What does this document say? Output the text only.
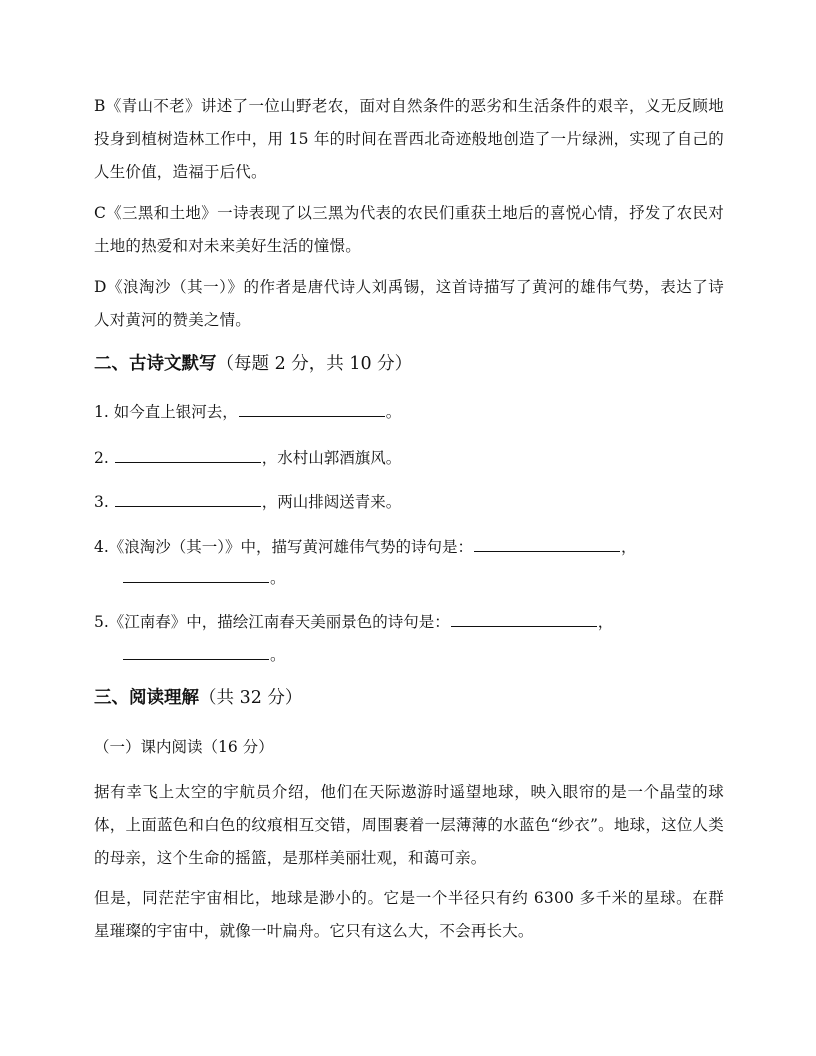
B《青山不老》讲述了一位山野老农，面对自然条件的恶劣和生活条件的艰辛，义无反顾地投身到植树造林工作中，用 15 年的时间在晋西北奇迹般地创造了一片绿洲，实现了自己的人生价值，造福于后代。

C《三黑和土地》一诗表现了以三黑为代表的农民们重获土地后的喜悦心情，抒发了农民对土地的热爱和对未来美好生活的憧憬。

D《浪淘沙（其一）》的作者是唐代诗人刘禹锡，这首诗描写了黄河的雄伟气势，表达了诗人对黄河的赞美之情。

二、古诗文默写（每题 2 分，共 10 分）

1. 如今直上银河去，	。

2.	，水村山郭酒旗风。

3.	，两山排闼送青来。

4.《浪淘沙（其一）》中，描写黄河雄伟气势的诗句是：	，

。

5.《江南春》中，描绘江南春天美丽景色的诗句是：	，

。

三、阅读理解（共 32 分）

（一）课内阅读（16 分）

据有幸飞上太空的宇航员介绍，他们在天际遨游时遥望地球，映入眼帘的是一个晶莹的球体，上面蓝色和白色的纹痕相互交错，周围裹着一层薄薄的水蓝色“纱衣”。地球，这位人类的母亲，这个生命的摇篮，是那样美丽壮观，和蔼可亲。

但是，同茫茫宇宙相比，地球是渺小的。它是一个半径只有约 6300 多千米的星球。在群星璀璨的宇宙中，就像一叶扁舟。它只有这么大，不会再长大。
